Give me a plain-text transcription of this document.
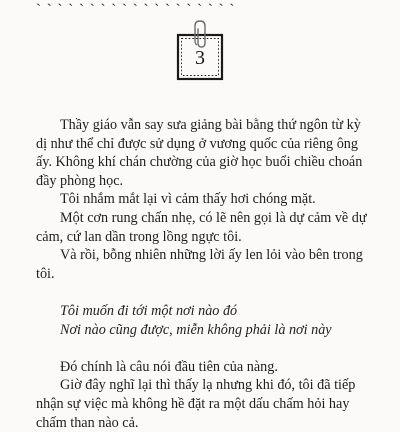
3

Thầy giáo vẫn say sưa giảng bài bằng thứ ngôn từ kỳ dị như thể chỉ được sử dụng ở vương quốc của riêng ông ấy. Không khí chán chường của giờ học buổi chiều choán đầy phòng học.

Tôi nhắm mắt lại vì cảm thấy hơi chóng mặt.

Một cơn rung chấn nhẹ, có lẽ nên gọi là dự cảm về dự cảm, cứ lan dần trong lồng ngực tôi.

Và rồi, bỗng nhiên những lời ấy len lỏi vào bên trong tôi.

Tôi muốn đi tới một nơi nào đó

Nơi nào cũng được, miễn không phải là nơi này

Đó chính là câu nói đầu tiên của nàng.

Giờ đây nghĩ lại thì thấy lạ nhưng khi đó, tôi đã tiếp nhận sự việc mà không hề đặt ra một dấu chấm hỏi hay chấm than nào cả.
